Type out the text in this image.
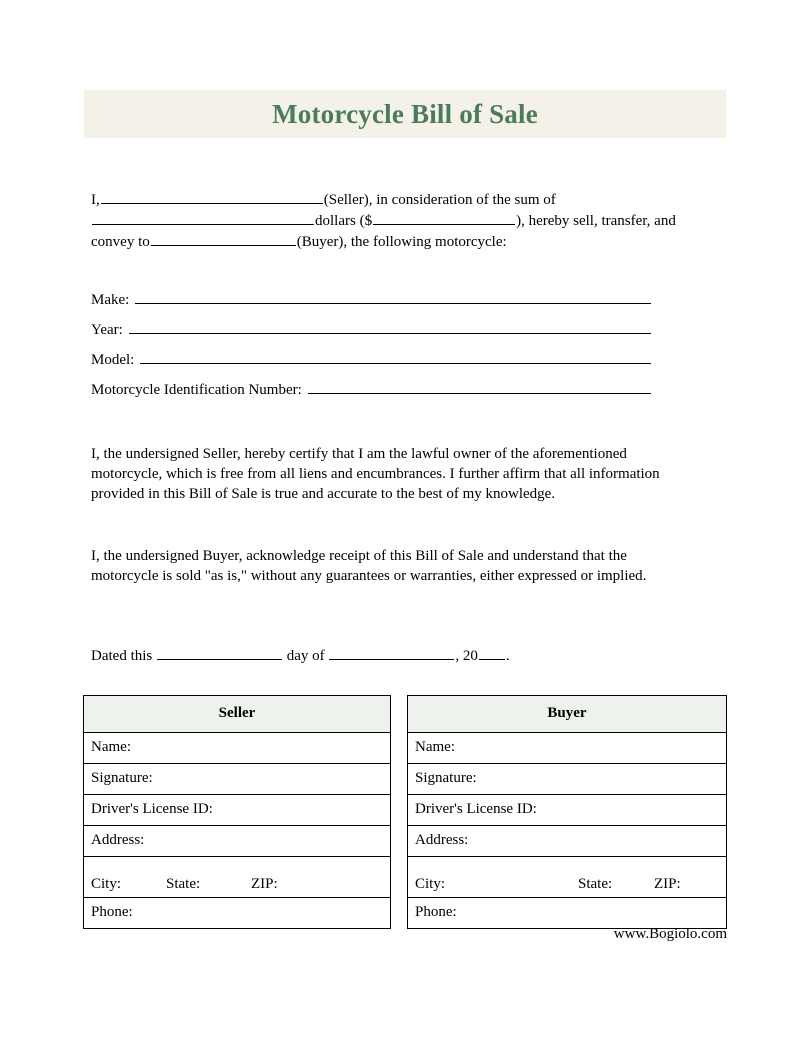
Motorcycle Bill of Sale
I,	(Seller), in consideration of the sum of
dollars ($	), hereby sell, transfer, and
convey to	(Buyer), the following motorcycle:
Make:
Year:
Model:
Motorcycle Identification Number:
I, the undersigned Seller, hereby certify that I am the lawful owner of the aforementioned
motorcycle, which is free from all liens and encumbrances. I further affirm that all information
provided in this Bill of Sale is true and accurate to the best of my knowledge.
I, the undersigned Buyer, acknowledge receipt of this Bill of Sale and understand that the
motorcycle is sold "as is," without any guarantees or warranties, either expressed or implied.
Dated this	day of	, 20 .
Seller
Name:
Signature:
Driver's License ID:
Address:

City:	State:	ZIP:

Phone:
Buyer
Name:
Signature:
Driver's License ID:
Address:

City:	State:	ZIP:

Phone:
www.Bogiolo.com
